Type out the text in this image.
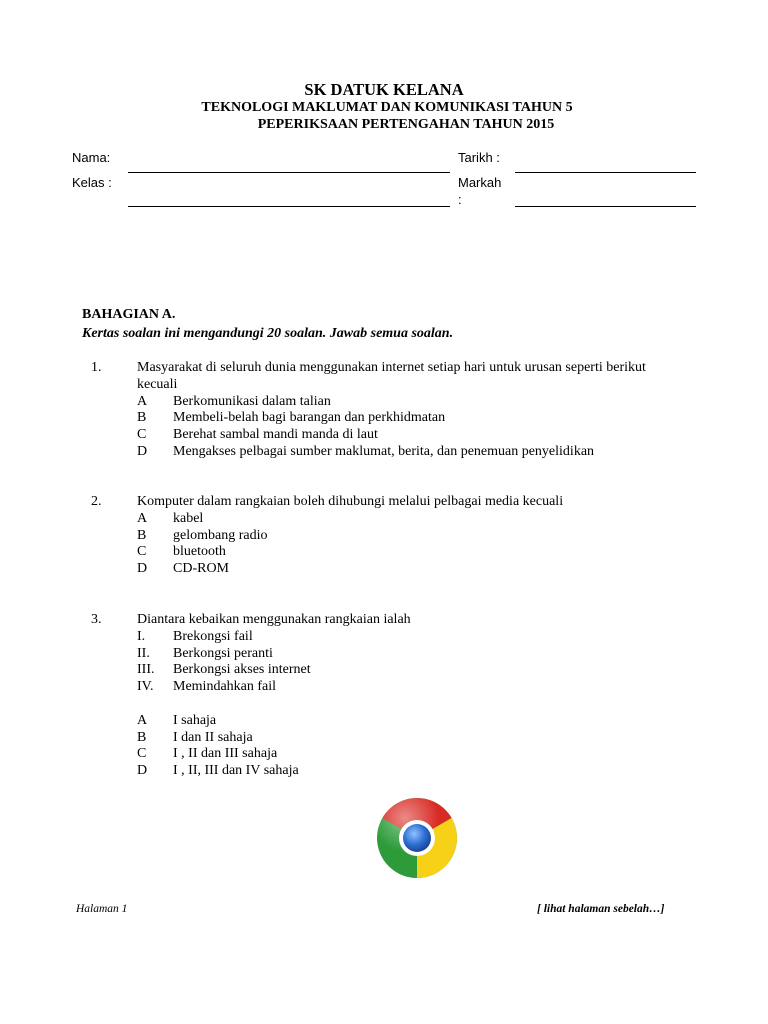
SK DATUK KELANA
TEKNOLOGI MAKLUMAT DAN KOMUNIKASI TAHUN 5
PEPERIKSAAN PERTENGAHAN TAHUN 2015
Nama:	Tarikh :
Kelas :	Markah
:
BAHAGIAN A.
Kertas soalan ini mengandungi 20 soalan. Jawab semua soalan.
1.	Masyarakat di seluruh dunia menggunakan internet setiap hari untuk urusan seperti berikut kecuali
A	Berkomunikasi dalam talian
B	Membeli-belah bagi barangan dan perkhidmatan
C	Berehat sambal mandi manda di laut
D	Mengakses pelbagai sumber maklumat, berita, dan penemuan penyelidikan
2.	Komputer dalam rangkaian boleh dihubungi melalui pelbagai media kecuali
A	kabel
B	gelombang radio
C	bluetooth
D	CD-ROM
3.	Diantara kebaikan menggunakan rangkaian ialah
I.	Brekongsi fail
II.	Berkongsi peranti
III.	Berkongsi akses internet
IV.	Memindahkan fail
A	I sahaja
B	I dan II sahaja
C	I , II dan III sahaja
D	I , II, III dan IV sahaja
Halaman 1	[ lihat halaman sebelah…]
